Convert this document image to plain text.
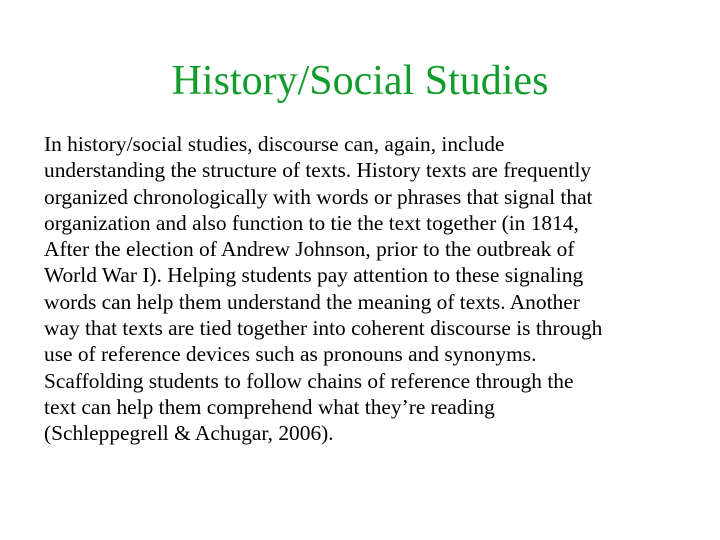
History/Social Studies

In history/social studies, discourse can, again, include
understanding the structure of texts. History texts are frequently
organized chronologically with words or phrases that signal that
organization and also function to tie the text together (in 1814,
After the election of Andrew Johnson, prior to the outbreak of
World War I). Helping students pay attention to these signaling
words can help them understand the meaning of texts. Another
way that texts are tied together into coherent discourse is through
use of reference devices such as pronouns and synonyms.
Scaffolding students to follow chains of reference through the
text can help them comprehend what they’re reading
(Schleppegrell & Achugar, 2006).
